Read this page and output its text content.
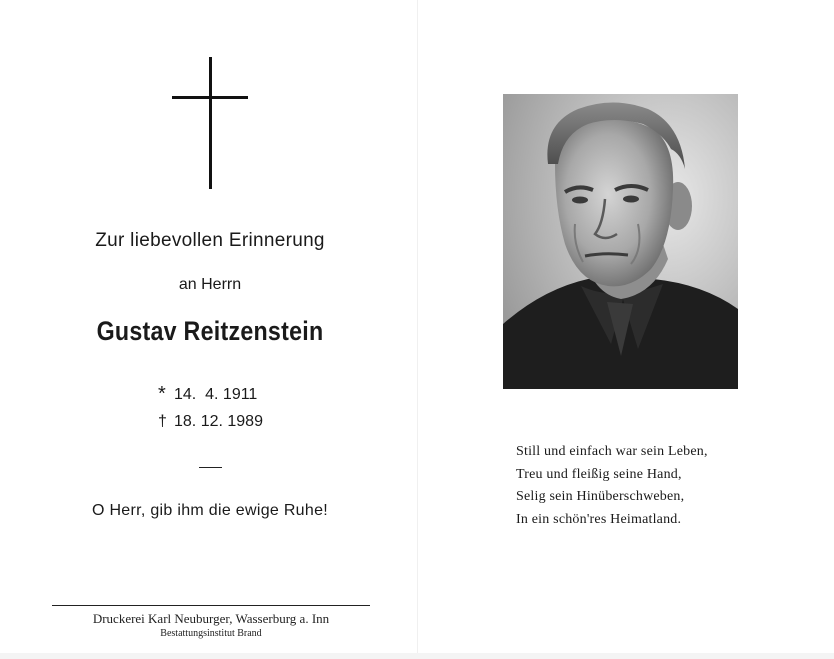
Zur liebevollen Erinnerung
an Herrn
Gustav Reitzenstein
* 14.  4. 1911
† 18. 12. 1989
O Herr, gib ihm die ewige Ruhe!
Druckerei Karl Neuburger, Wasserburg a. Inn
Bestattungsinstitut Brand
Still und einfach war sein Leben,
Treu und fleißig seine Hand,
Selig sein Hinüberschweben,
In ein schön'res Heimatland.
